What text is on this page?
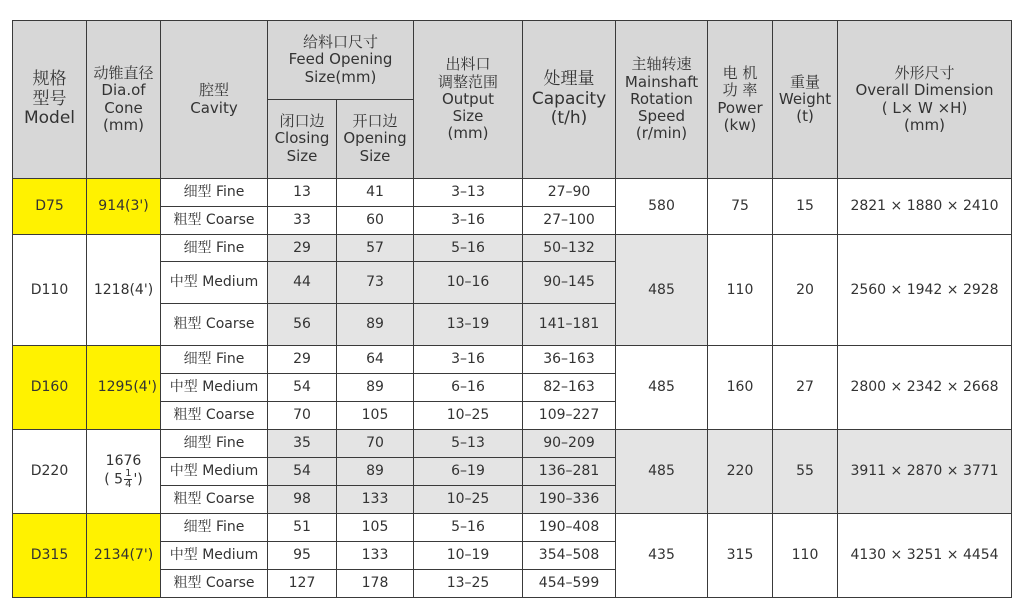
规格
型号
Model	动锥直径
Dia.of
Cone
(mm)	腔型
Cavity	给料口尺寸
Feed Opening
Size(mm)		出料口
调整范围
Output
Size
(mm)	处理量
Capacity
(t/h)	主轴转速
Mainshaft
Rotation
Speed
(r/min)	电 机
功 率
Power
(kw)	重量
Weight
(t)	外形尺寸
Overall Dimension
( L× W ×H)
(mm)

			闭口边
Closing
Size	开口边
Opening
Size						

D75	914(3')	细型 Fine	13	41	3–13	27–90	580	75	15	2821 × 1880 × 2410
		粗型 Coarse	33	60	3–16	27–100				
D110	1218(4')	细型 Fine	29	57	5–16	50–132	485	110	20	2560 × 1942 × 2928
		中型 Medium	44	73	10–16	90–145				
		粗型 Coarse	56	89	13–19	141–181				
D160	1295(4')	细型 Fine	29	64	3–16	36–163	485	160	27	2800 × 2342 × 2668
		中型 Medium	54	89	6–16	82–163				
		粗型 Coarse	70	105	10–25	109–227				
D220	1676
( $5 \frac{1}{4}$ ')	细型 Fine	35	70	5–13	90–209	485	220	55	3911 × 2870 × 3771
		中型 Medium	54	89	6–19	136–281				
		粗型 Coarse	98	133	10–25	190–336				
D315	2134(7')	细型 Fine	51	105	5–16	190–408	435	315	110	4130 × 3251 × 4454
		中型 Medium	95	133	10–19	354–508				
		粗型 Coarse	127	178	13–25	454–599				
